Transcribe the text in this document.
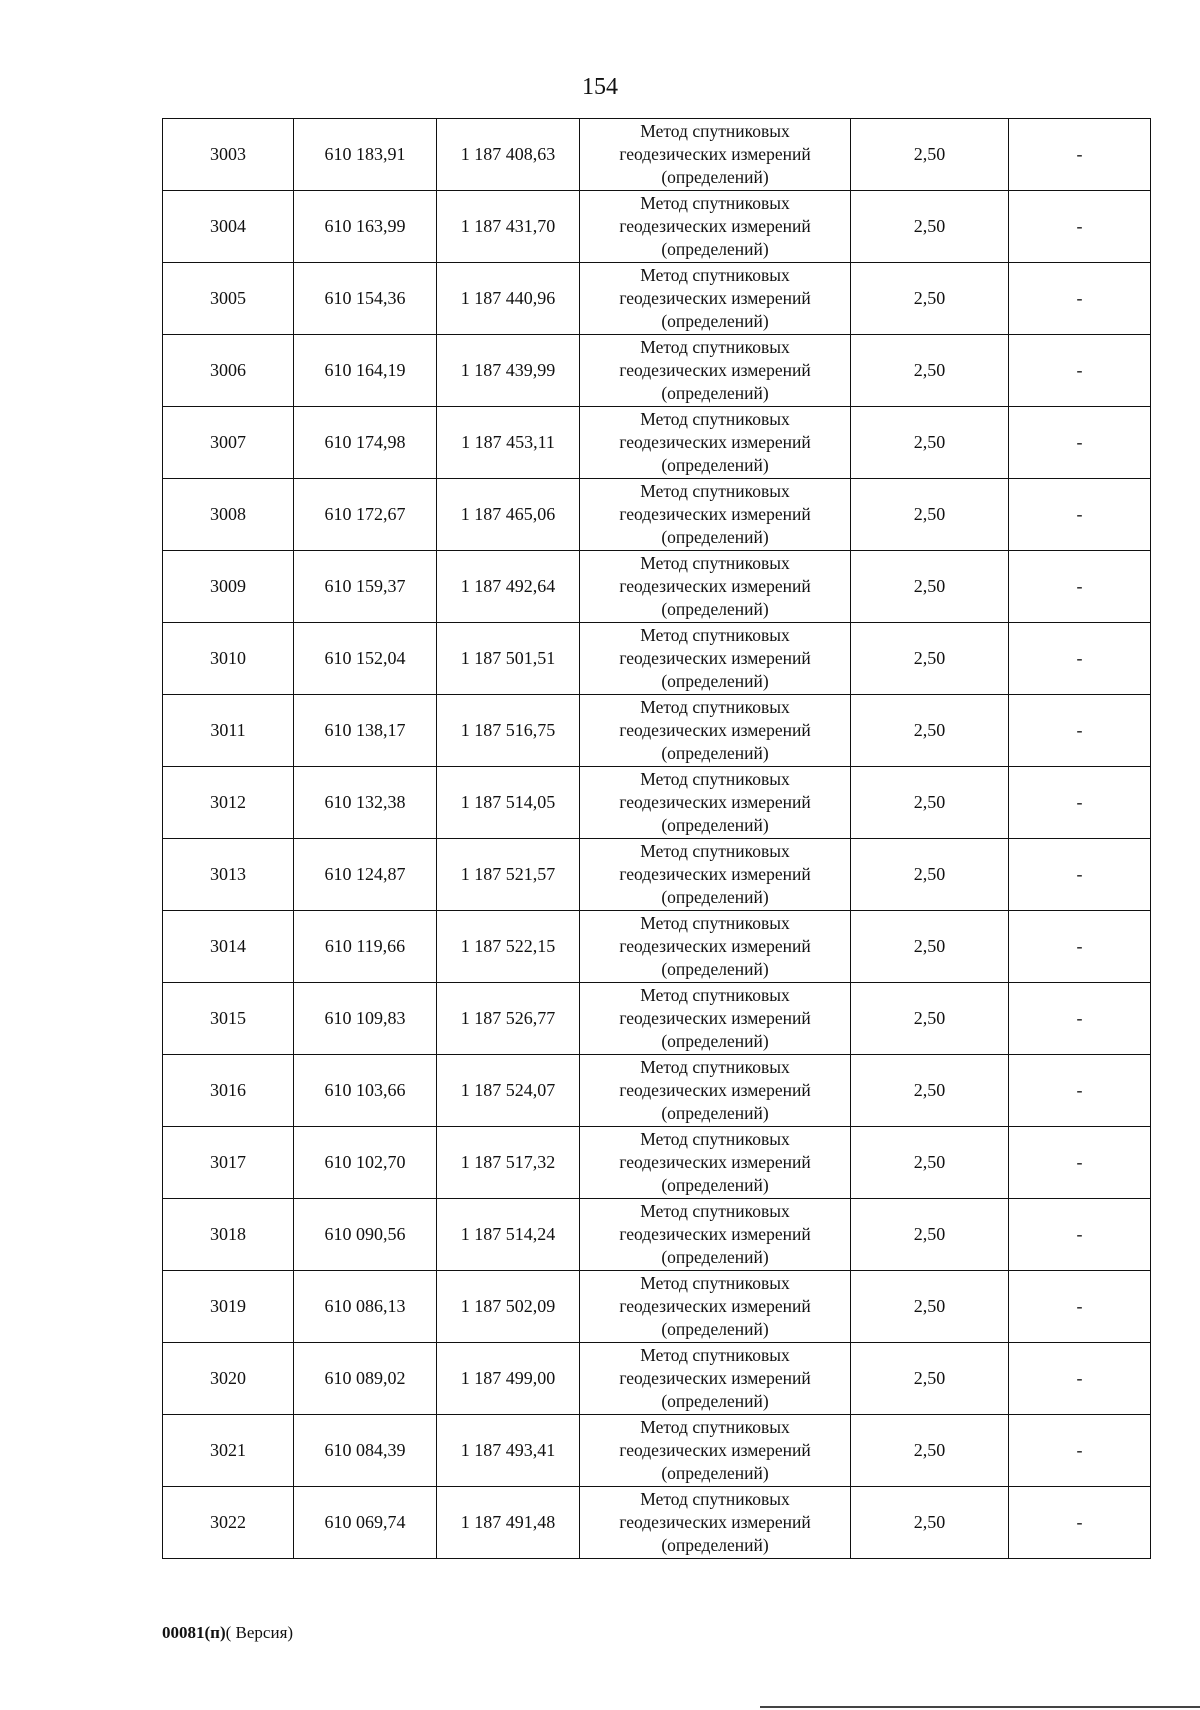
154
3003	610 183,91	1 187 408,63	Метод спутниковых
геодезических измерений
(определений)	2,50	-
3004	610 163,99	1 187 431,70	Метод спутниковых
геодезических измерений
(определений)	2,50	-
3005	610 154,36	1 187 440,96	Метод спутниковых
геодезических измерений
(определений)	2,50	-
3006	610 164,19	1 187 439,99	Метод спутниковых
геодезических измерений
(определений)	2,50	-
3007	610 174,98	1 187 453,11	Метод спутниковых
геодезических измерений
(определений)	2,50	-
3008	610 172,67	1 187 465,06	Метод спутниковых
геодезических измерений
(определений)	2,50	-
3009	610 159,37	1 187 492,64	Метод спутниковых
геодезических измерений
(определений)	2,50	-
3010	610 152,04	1 187 501,51	Метод спутниковых
геодезических измерений
(определений)	2,50	-
3011	610 138,17	1 187 516,75	Метод спутниковых
геодезических измерений
(определений)	2,50	-
3012	610 132,38	1 187 514,05	Метод спутниковых
геодезических измерений
(определений)	2,50	-
3013	610 124,87	1 187 521,57	Метод спутниковых
геодезических измерений
(определений)	2,50	-
3014	610 119,66	1 187 522,15	Метод спутниковых
геодезических измерений
(определений)	2,50	-
3015	610 109,83	1 187 526,77	Метод спутниковых
геодезических измерений
(определений)	2,50	-
3016	610 103,66	1 187 524,07	Метод спутниковых
геодезических измерений
(определений)	2,50	-
3017	610 102,70	1 187 517,32	Метод спутниковых
геодезических измерений
(определений)	2,50	-
3018	610 090,56	1 187 514,24	Метод спутниковых
геодезических измерений
(определений)	2,50	-
3019	610 086,13	1 187 502,09	Метод спутниковых
геодезических измерений
(определений)	2,50	-
3020	610 089,02	1 187 499,00	Метод спутниковых
геодезических измерений
(определений)	2,50	-
3021	610 084,39	1 187 493,41	Метод спутниковых
геодезических измерений
(определений)	2,50	-
3022	610 069,74	1 187 491,48	Метод спутниковых
геодезических измерений
(определений)	2,50	-
00081(п)( Версия)
